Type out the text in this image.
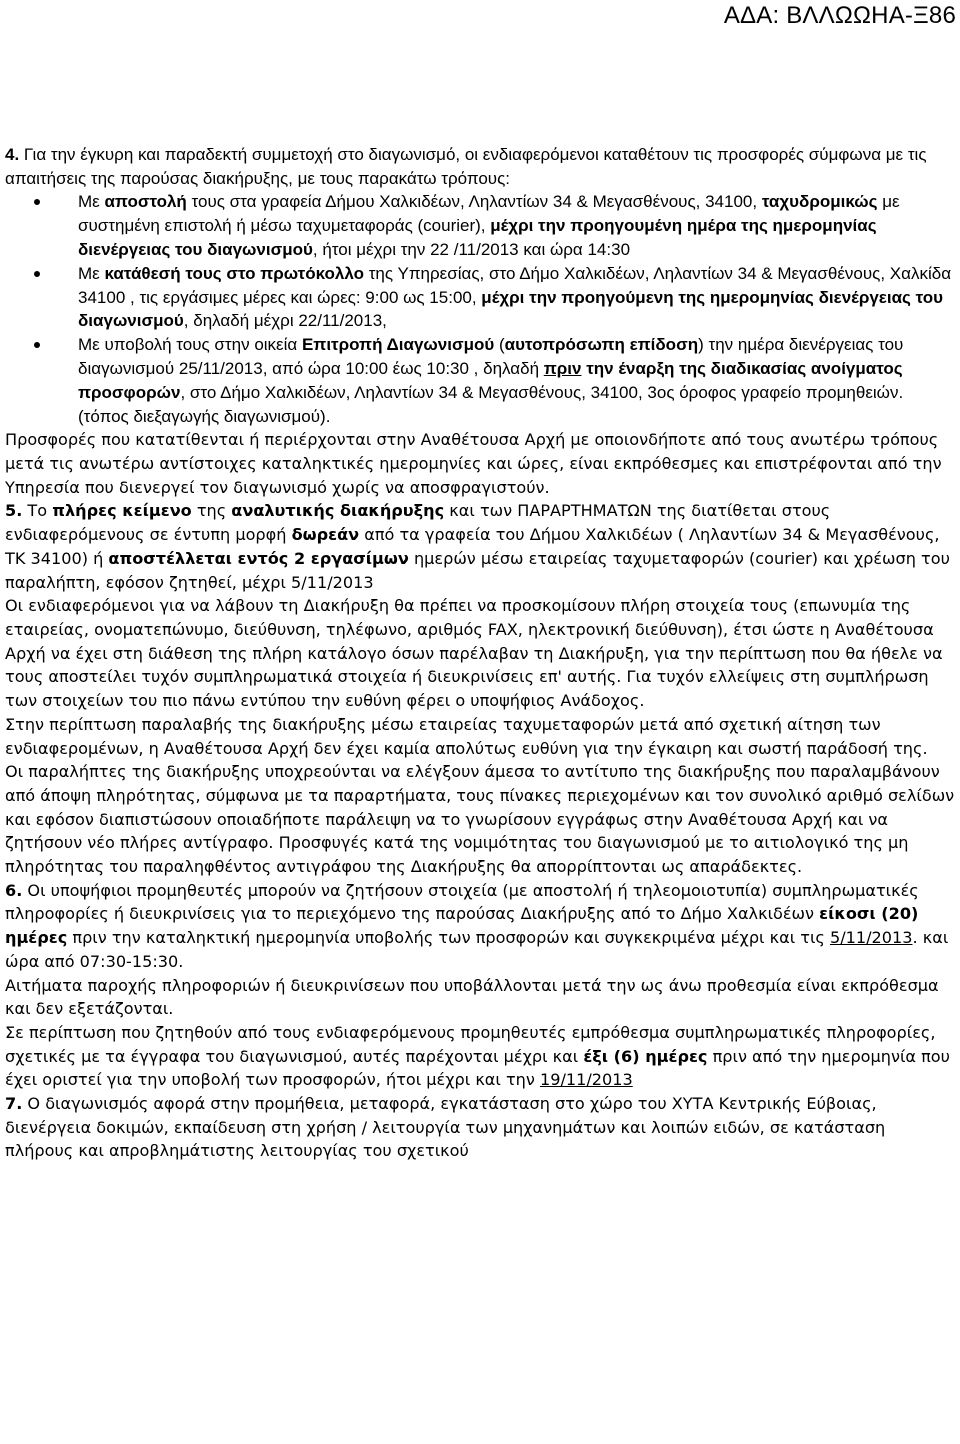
ΑΔΑ: ΒΛΛΩΩΗΑ-Ξ86

4. Για την έγκυρη και παραδεκτή συμμετοχή στο διαγωνισμό, οι ενδιαφερόμενοι καταθέτουν τις προσφορές σύμφωνα με τις απαιτήσεις της παρούσας διακήρυξης, με τους παρακάτω τρόπους:

Με αποστολή τους στα γραφεία Δήμου Χαλκιδέων, Ληλαντίων 34 & Μεγασθένους, 34100, ταχυδρομικώς με συστημένη επιστολή ή μέσω ταχυμεταφοράς (courier), μέχρι την προηγουμένη ημέρα της ημερομηνίας διενέργειας του διαγωνισμού, ήτοι μέχρι την 22 /11/2013 και ώρα 14:30
Με κατάθεσή τους στο πρωτόκολλο της Υπηρεσίας, στο Δήμο Χαλκιδέων, Ληλαντίων 34 & Μεγασθένους, Χαλκίδα 34100 , τις εργάσιμες μέρες και ώρες: 9:00 ως 15:00, μέχρι την προηγούμενη της ημερομηνίας διενέργειας του διαγωνισμού, δηλαδή μέχρι 22/11/2013,
Με υποβολή τους στην οικεία Επιτροπή Διαγωνισμού (αυτοπρόσωπη επίδοση) την ημέρα διενέργειας του διαγωνισμού 25/11/2013, από ώρα 10:00 έως 10:30 , δηλαδή πριν την έναρξη της διαδικασίας ανοίγματος προσφορών, στο Δήμο Χαλκιδέων, Ληλαντίων 34 & Μεγασθένους, 34100, 3ος όροφος γραφείο προμηθειών. (τόπος διεξαγωγής διαγωνισμού).

Προσφορές που κατατίθενται ή περιέρχονται στην Αναθέτουσα Αρχή με οποιονδήποτε από τους ανωτέρω τρόπους μετά τις ανωτέρω αντίστοιχες καταληκτικές ημερομηνίες και ώρες, είναι εκπρόθεσμες και επιστρέφονται από την Υπηρεσία που διενεργεί τον διαγωνισμό χωρίς να αποσφραγιστούν.

5. Το πλήρες κείμενο της αναλυτικής διακήρυξης και των ΠΑΡΑΡΤΗΜΑΤΩΝ της διατίθεται στους ενδιαφερόμενους σε έντυπη μορφή δωρεάν από τα γραφεία του Δήμου Χαλκιδέων ( Ληλαντίων 34 & Μεγασθένους, ΤΚ 34100) ή αποστέλλεται εντός 2 εργασίμων ημερών μέσω εταιρείας ταχυμεταφορών (courier) και χρέωση του παραλήπτη, εφόσον ζητηθεί, μέχρι 5/11/2013

Οι ενδιαφερόμενοι για να λάβουν τη Διακήρυξη θα πρέπει να προσκομίσουν πλήρη στοιχεία τους (επωνυμία της εταιρείας, ονοματεπώνυμο, διεύθυνση, τηλέφωνο, αριθμός FAX, ηλεκτρονική διεύθυνση), έτσι ώστε η Αναθέτουσα Αρχή να έχει στη διάθεση της πλήρη κατάλογο όσων παρέλαβαν τη Διακήρυξη, για την περίπτωση που θα ήθελε να τους αποστείλει τυχόν συμπληρωματικά στοιχεία ή διευκρινίσεις επ' αυτής. Για τυχόν ελλείψεις στη συμπλήρωση των στοιχείων του πιο πάνω εντύπου την ευθύνη φέρει ο υποψήφιος Ανάδοχος.

Στην περίπτωση παραλαβής της διακήρυξης μέσω εταιρείας ταχυμεταφορών μετά από σχετική αίτηση των ενδιαφερομένων, η Αναθέτουσα Αρχή δεν έχει καμία απολύτως ευθύνη για την έγκαιρη και σωστή παράδοσή της.

Οι παραλήπτες της διακήρυξης υποχρεούνται να ελέγξουν άμεσα το αντίτυπο της διακήρυξης που παραλαμβάνουν από άποψη πληρότητας, σύμφωνα με τα παραρτήματα, τους πίνακες περιεχομένων και τον συνολικό αριθμό σελίδων και εφόσον διαπιστώσουν οποιαδήποτε παράλειψη να το γνωρίσουν εγγράφως στην Αναθέτουσα Αρχή και να ζητήσουν νέο πλήρες αντίγραφο. Προσφυγές κατά της νομιμότητας του διαγωνισμού με το αιτιολογικό της μη πληρότητας του παραληφθέντος αντιγράφου της Διακήρυξης θα απορρίπτονται ως απαράδεκτες.

6. Οι υποψήφιοι προμηθευτές μπορούν να ζητήσουν στοιχεία (με αποστολή ή τηλεομοιοτυπία) συμπληρωματικές πληροφορίες ή διευκρινίσεις για το περιεχόμενο της παρούσας Διακήρυξης από το Δήμο Χαλκιδέων είκοσι (20) ημέρες πριν την καταληκτική ημερομηνία υποβολής των προσφορών και συγκεκριμένα μέχρι και τις 5/11/2013. και ώρα από 07:30-15:30.

Αιτήματα παροχής πληροφοριών ή διευκρινίσεων που υποβάλλονται μετά την ως άνω προθεσμία είναι εκπρόθεσμα και δεν εξετάζονται.

Σε περίπτωση που ζητηθούν από τους ενδιαφερόμενους προμηθευτές εμπρόθεσμα συμπληρωματικές πληροφορίες, σχετικές με τα έγγραφα του διαγωνισμού, αυτές παρέχονται μέχρι και έξι (6) ημέρες πριν από την ημερομηνία που έχει οριστεί για την υποβολή των προσφορών, ήτοι μέχρι και την 19/11/2013

7. Ο διαγωνισμός αφορά στην προμήθεια, μεταφορά, εγκατάσταση στο χώρο του ΧΥΤΑ Κεντρικής Εύβοιας, διενέργεια δοκιμών, εκπαίδευση στη χρήση / λειτουργία των μηχανημάτων και λοιπών ειδών, σε κατάσταση πλήρους και απροβλημάτιστης λειτουργίας του σχετικού
